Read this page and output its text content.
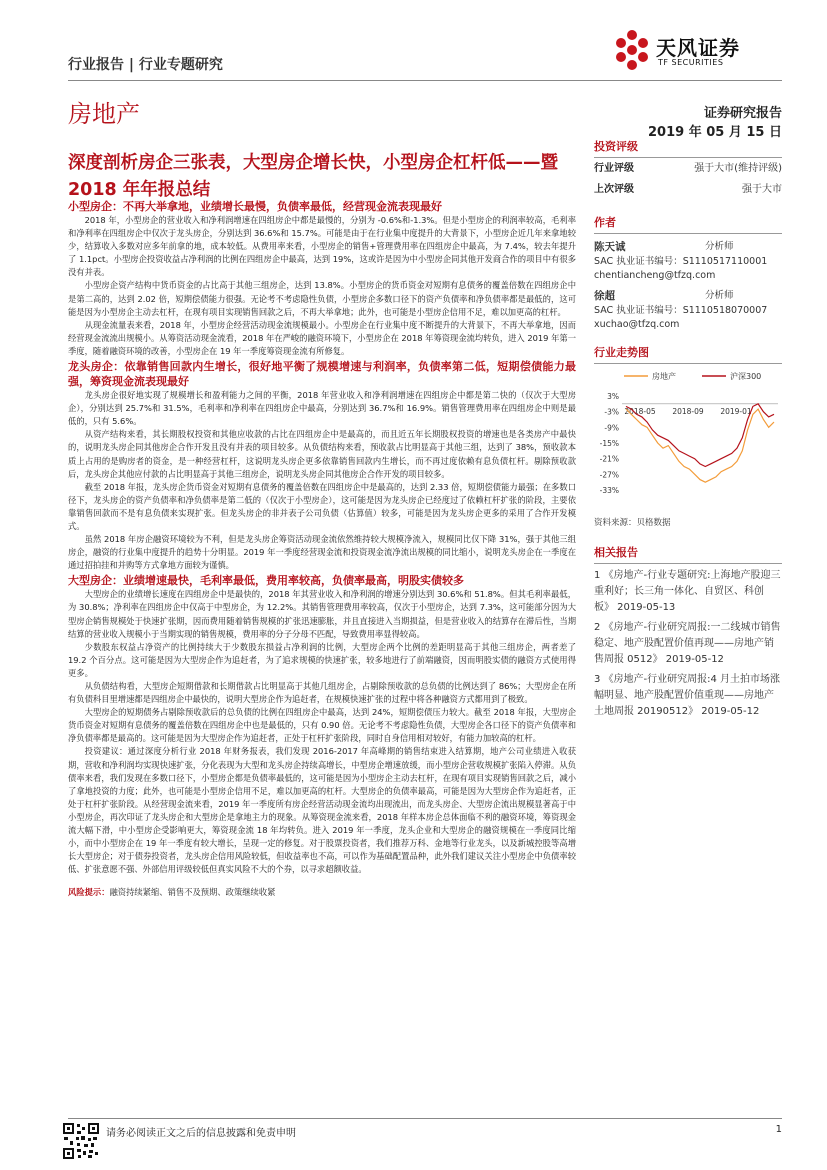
行业报告 | 行业专题研究
天风证券
TF SECURITIES
房地产	证券研究报告
2019 年 05 月 15 日
深度剖析房企三张表，大型房企增长快，小型房企杠杆低——暨 2018 年年报总结

小型房企：不再大举拿地，业绩增长最慢，负债率最低，经营现金流表现最好

2018 年，小型房企的营业收入和净利润增速在四组房企中都是最慢的，分别为 -0.6%和-1.3%。但是小型房企的利润率较高，毛利率和净利率在四组房企中仅次于龙头房企，分别达到 36.6%和 15.7%。可能是由于在行业集中度提升的大背景下，小型房企近几年来拿地较少，结算收入多数对应多年前拿的地，成本较低。从费用率来看，小型房企的销售+管理费用率在四组房企中最高，为 7.4%，较去年提升了 1.1pct。小型房企投资收益占净利润的比例在四组房企中最高，达到 19%，这或许是因为中小型房企同其他开发商合作的项目中有很多没有并表。

小型房企资产结构中货币资金的占比高于其他三组房企，达到 13.8%。小型房企的货币资金对短期有息债务的覆盖倍数在四组房企中是第二高的，达到 2.02 倍，短期偿债能力很强。无论考不考虑隐性负债，小型房企多数口径下的资产负债率和净负债率都是最低的，这可能是因为小型房企主动去杠杆，在现有项目实现销售回款之后，不再大举拿地；此外，也可能是小型房企信用不足，难以加更高的杠杆。

从现金流量表来看，2018 年，小型房企经营活动现金流规模最小。小型房企在行业集中度不断提升的大背景下，不再大举拿地，因而经营现金流流出规模小。从筹资活动现金流看，2018 年在严峻的融资环境下，小型房企在 2018 年筹资现金流均转负，进入 2019 年第一季度，随着融资环境的改善，小型房企在 19 年一季度筹资现金流有所修复。

龙头房企：依靠销售回款内生增长，很好地平衡了规模增速与利润率，负债率第二低，短期偿债能力最强，筹资现金流表现最好

龙头房企很好地实现了规模增长和盈利能力之间的平衡，2018 年营业收入和净利润增速在四组房企中都是第二快的（仅次于大型房企），分别达到 25.7%和 31.5%，毛利率和净利率在四组房企中最高，分别达到 36.7%和 16.9%。销售管理费用率在四组房企中则是最低的，只有 5.6%。

从资产结构来看，其长期股权投资和其他应收款的占比在四组房企中是最高的，而且近五年长期股权投资的增速也是各类房产中最快的，说明龙头房企同其他房企合作开发且没有并表的项目较多。从负债结构来看，预收款占比明显高于其他三组，达到了 38%，预收款本质上占用的是购房者的资金，是一种经营杠杆，这说明龙头房企更多依靠销售回款内生增长，而不再过度依赖有息负债杠杆。剔除预收款后，龙头房企其他应付款的占比明显高于其他三组房企，说明龙头房企同其他房企合作开发的项目较多。

截至 2018 年报，龙头房企货币资金对短期有息债务的覆盖倍数在四组房企中是最高的，达到 2.33 倍，短期偿债能力最强；在多数口径下，龙头房企的资产负债率和净负债率是第二低的（仅次于小型房企），这可能是因为龙头房企已经度过了依赖杠杆扩张的阶段，主要依靠销售回款而不是有息负债来实现扩张。但龙头房企的非并表子公司负债（估算值）较多，可能是因为龙头房企更多的采用了合作开发模式。

虽然 2018 年房企融资环境较为不利，但是龙头房企筹资活动现金流依然维持较大规模净流入，规模同比仅下降 31%，强于其他三组房企，融资的行业集中度提升的趋势十分明显。2019 年一季度经营现金流和投资现金流净流出规模的同比缩小，说明龙头房企在一季度在通过招拍挂和并购等方式拿地方面较为谨慎。

大型房企：业绩增速最快，毛利率最低，费用率较高，负债率最高，明股实债较多

大型房企的业绩增长速度在四组房企中是最快的，2018 年其营业收入和净利润的增速分别达到 30.6%和 51.8%。但其毛利率最低，为 30.8%；净利率在四组房企中仅高于中型房企，为 12.2%。其销售管理费用率较高，仅次于小型房企，达到 7.3%，这可能部分因为大型房企销售规模处于快速扩张期，因而费用随着销售规模的扩张迅速膨胀，并且直接进入当期损益，但是营业收入的结算存在滞后性，当期结算的营业收入规模小于当期实现的销售规模，费用率的分子分母不匹配，导致费用率显得较高。

少数股东权益占净资产的比例持续大于少数股东损益占净利润的比例，大型房企两个比例的差距明显高于其他三组房企，两者差了 19.2 个百分点。这可能是因为大型房企作为追赶者，为了追求规模的快速扩张，较多地进行了前端融资，因而明股实债的融资方式使用得更多。

从负债结构看，大型房企短期借款和长期借款占比明显高于其他几组房企，占剔除预收款的总负债的比例达到了 86%；大型房企在所有负债科目里增速都是四组房企中最快的，说明大型房企作为追赶者，在规模快速扩张的过程中将各种融资方式都用到了极致。

大型房企的短期债务占剔除预收款后的总负债的比例在四组房企中最高，达到 24%，短期偿债压力较大。截至 2018 年报，大型房企货币资金对短期有息债务的覆盖倍数在四组房企中也是最低的，只有 0.90 倍。无论考不考虑隐性负债，大型房企各口径下的资产负债率和净负债率都是最高的。这可能是因为大型房企作为追赶者，正处于杠杆扩张阶段，同时自身信用相对较好，有能力加较高的杠杆。

投资建议：通过深度分析行业 2018 年财务报表，我们发现 2016-2017 年高峰期的销售结束进入结算期，地产公司业绩进入收获期，营收和净利润均实现快速扩张，分化表现为大型和龙头房企持续高增长，中型房企增速放缓，而小型房企营收规模扩张陷入停滞。从负债率来看，我们发现在多数口径下，小型房企都是负债率最低的，这可能是因为小型房企主动去杠杆，在现有项目实现销售回款之后，减小了拿地投资的力度；此外，也可能是小型房企信用不足，难以加更高的杠杆。大型房企的负债率最高，可能是因为大型房企作为追赶者，正处于杠杆扩张阶段。从经营现金流来看，2019 年一季度所有房企经营活动现金流均出现流出，而龙头房企、大型房企流出规模显著高于中小型房企，再次印证了龙头房企和大型房企是拿地主力的现象。从筹资现金流来看，2018 年样本房企总体面临不利的融资环境，筹资现金流大幅下滑，中小型房企受影响更大，筹资现金流 18 年均转负。进入 2019 年一季度，龙头企业和大型房企的融资规模在一季度同比缩小，而中小型房企在 19 年一季度有较大增长，呈现一定的修复。对于股票投资者，我们推荐万科、金地等行业龙头，以及新城控股等高增长大型房企；对于债券投资者，龙头房企信用风险较低，但收益率也不高，可以作为基础配置品种，此外我们建议关注小型房企中负债率较低、扩张意愿不强、外部信用评级较低但真实风险不大的个券，以寻求超额收益。

风险提示：融资持续紧缩、销售不及预期、政策继续收紧

投资评级
行业评级	强于大市(维持评级)
上次评级	强于大市
作者
陈天诚	分析师
SAC 执业证书编号：S1110517110001
chentiancheng@tfzq.com
徐超	分析师
SAC 执业证书编号：S1110518070007
xuchao@tfzq.com
行业走势图
房地产	沪深300
3%
-3%
-9%
-15%
-21%
-27%
-33%
2018-05 2018-09 2019-01
资料来源：贝格数据
相关报告
1 《房地产-行业专题研究:上海地产股迎三重利好；长三角一体化、自贸区、科创板》 2019-05-13
2 《房地产-行业研究周报:一二线城市销售稳定、地产股配置价值再现——房地产销售周报 0512》 2019-05-12
3 《房地产-行业研究周报:4 月土拍市场涨幅明显、地产股配置价值重现——房地产土地周报 20190512》 2019-05-12
请务必阅读正文之后的信息披露和免责申明	1
